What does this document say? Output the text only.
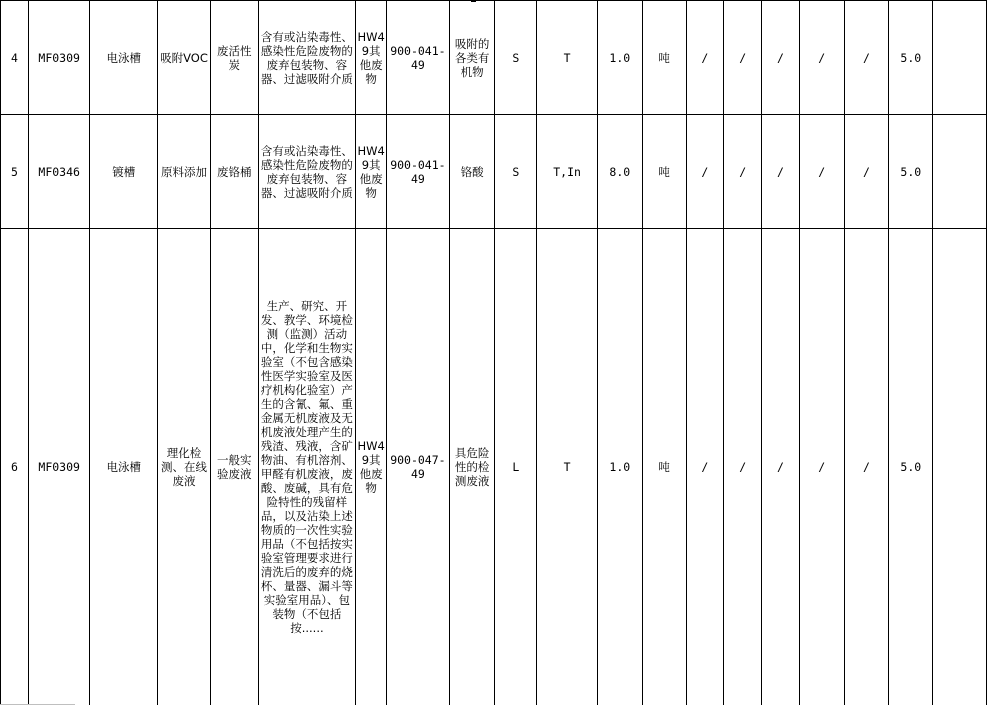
4	MF0309	电泳槽	吸附VOC	废活性炭	含有或沾染毒性、感染性危险废物的废弃包装物、容器、过滤吸附介质	HW49其他废物	900-041-49	吸附的各类有机物	S	T	1.0	吨	/	/	/	/	/	5.0	
5	MF0346	镀槽	原料添加	废铬桶	含有或沾染毒性、感染性危险废物的废弃包装物、容器、过滤吸附介质	HW49其他废物	900-041-49	铬酸	S	T,In	8.0	吨	/	/	/	/	/	5.0	
6	MF0309	电泳槽	理化检测、在线废液	一般实验废液	生产、研究、开发、教学、环境检测（监测）活动中，化学和生物实验室（不包含感染性医学实验室及医疗机构化验室）产生的含氰、氟、重金属无机废液及无机废液处理产生的残渣、残液，含矿物油、有机溶剂、甲醛有机废液，废酸、废碱，具有危险特性的残留样品，以及沾染上述物质的一次性实验用品（不包括按实验室管理要求进行清洗后的废弃的烧杯、量器、漏斗等实验室用品）、包装物（不包括按......	HW49其他废物	900-047-49	具危险性的检测废液	L	T	1.0	吨	/	/	/	/	/	5.0	
